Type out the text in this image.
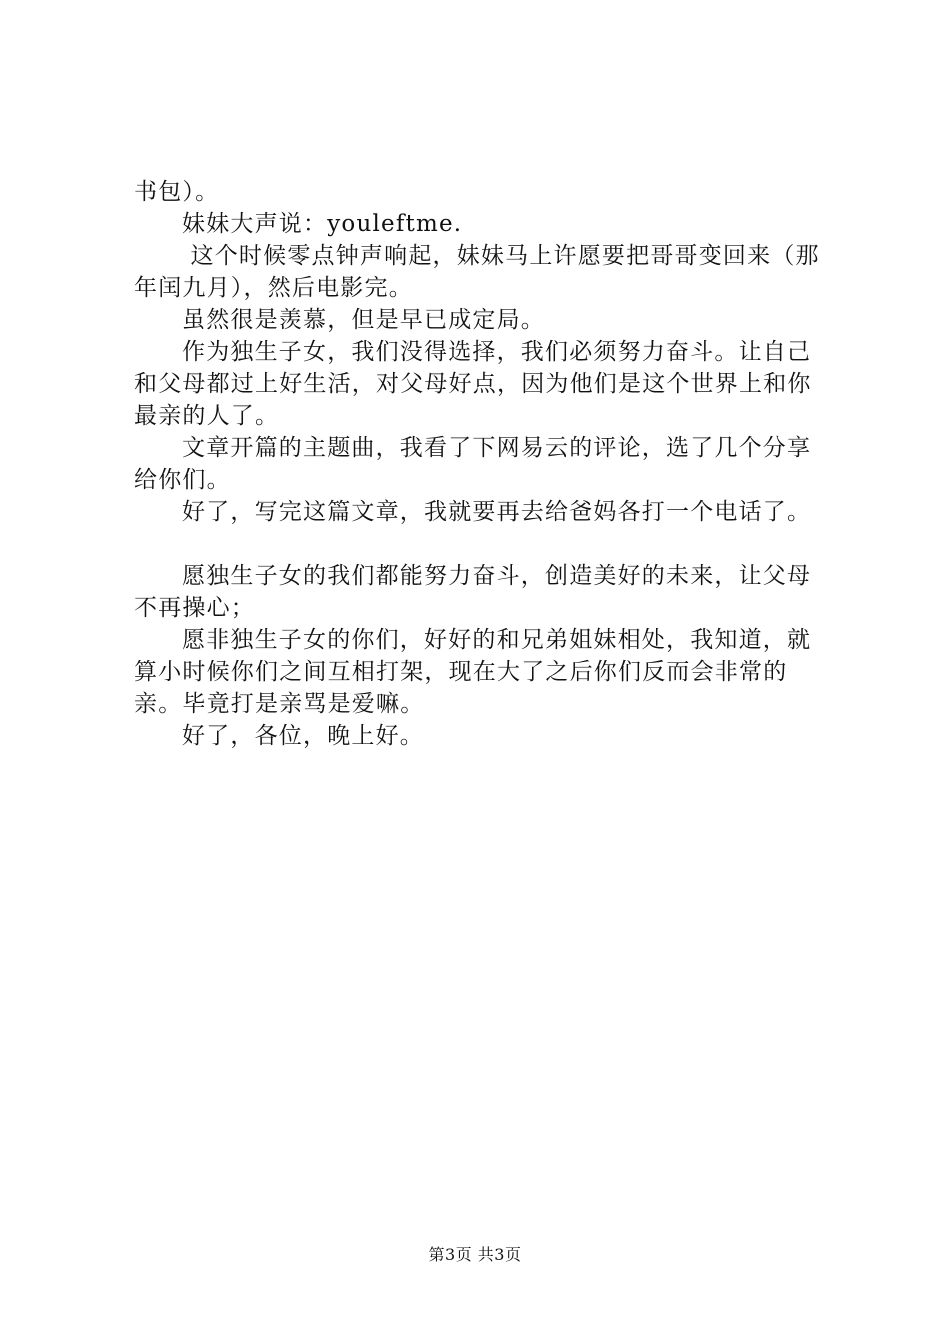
书包）。

妹妹大声说：youleftme.

这个时候零点钟声响起，妹妹马上许愿要把哥哥变回来（那年闰九月），然后电影完。

虽然很是羡慕，但是早已成定局。

作为独生子女，我们没得选择，我们必须努力奋斗。让自己和父母都过上好生活，对父母好点，因为他们是这个世界上和你最亲的人了。

文章开篇的主题曲，我看了下网易云的评论，选了几个分享给你们。

好了，写完这篇文章，我就要再去给爸妈各打一个电话了。

愿独生子女的我们都能努力奋斗，创造美好的未来，让父母不再操心；

愿非独生子女的你们，好好的和兄弟姐妹相处，我知道，就算小时候你们之间互相打架，现在大了之后你们反而会非常的亲。毕竟打是亲骂是爱嘛。

好了，各位，晚上好。

第3页 共3页
